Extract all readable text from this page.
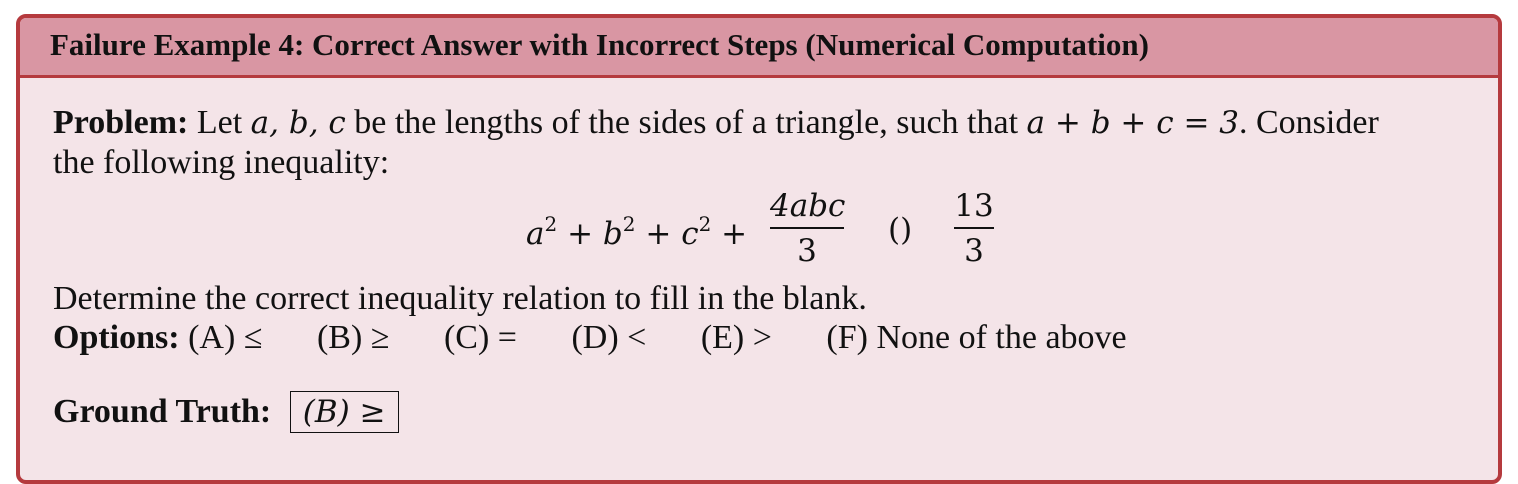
Failure Example 4: Correct Answer with Incorrect Steps (Numerical Computation)
Problem: Let a, b, c be the lengths of the sides of a triangle, such that a + b + c = 3. Consider
the following inequality:
$a^2 + b^2 + c^2$ +
4abc
3
()
13
3
Determine the correct inequality relation to fill in the blank.
Options: (A) ≤ (B) ≥ (C) = (D) < (E) > (F) None of the above
Ground Truth: (B) ≥
